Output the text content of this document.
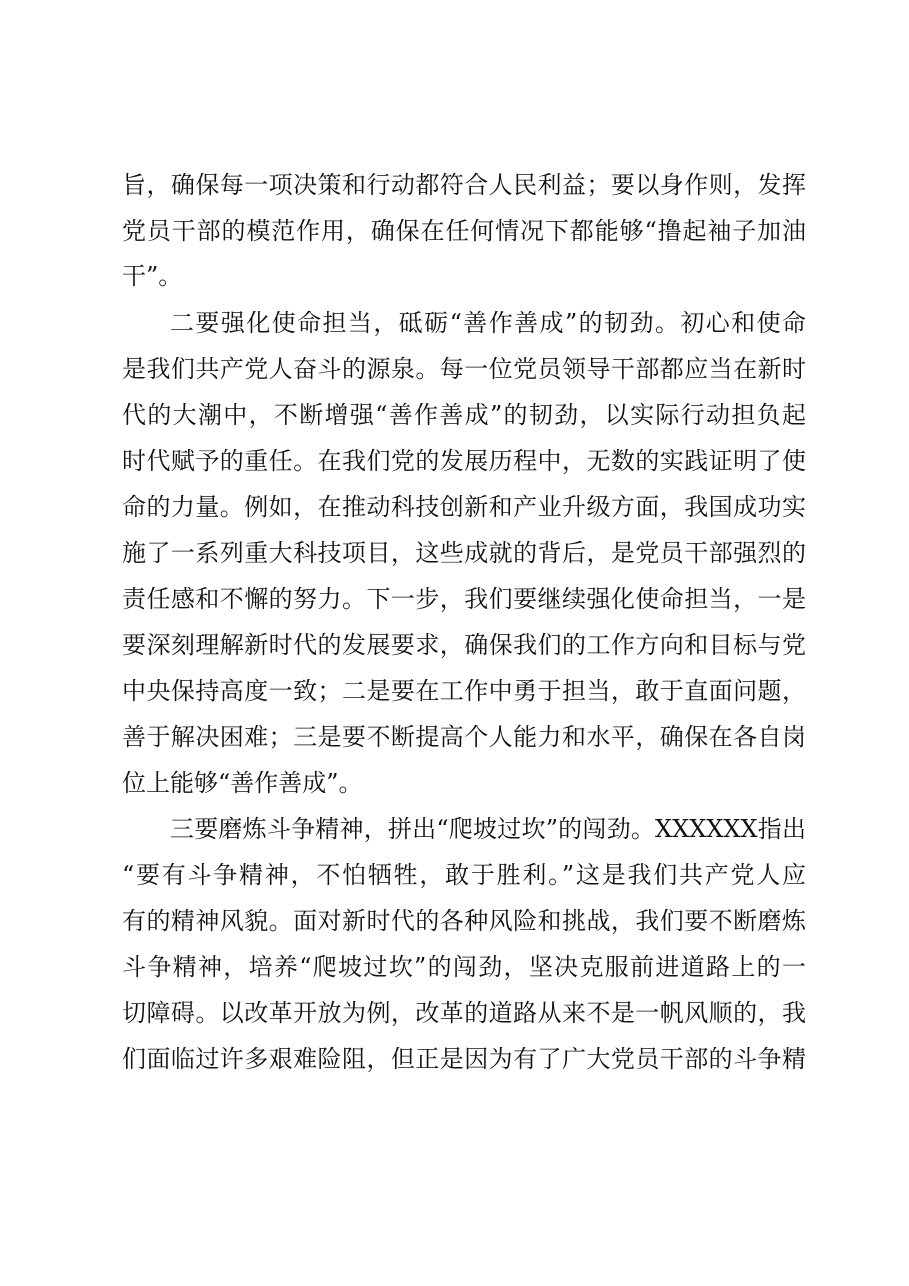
旨，确保每一项决策和行动都符合人民利益；要以身作则，发挥
党员干部的模范作用，确保在任何情况下都能够“撸起袖子加油
干”。
二要强化使命担当，砥砺“善作善成”的韧劲。初心和使命
是我们共产党人奋斗的源泉。每一位党员领导干部都应当在新时
代的大潮中，不断增强“善作善成”的韧劲，以实际行动担负起
时代赋予的重任。在我们党的发展历程中，无数的实践证明了使
命的力量。例如，在推动科技创新和产业升级方面，我国成功实
施了一系列重大科技项目，这些成就的背后，是党员干部强烈的
责任感和不懈的努力。下一步，我们要继续强化使命担当，一是
要深刻理解新时代的发展要求，确保我们的工作方向和目标与党
中央保持高度一致；二是要在工作中勇于担当，敢于直面问题，
善于解决困难；三是要不断提高个人能力和水平，确保在各自岗
位上能够“善作善成”。
三要磨炼斗争精神，拼出“爬坡过坎”的闯劲。XXXXXX指出
“要有斗争精神，不怕牺牲，敢于胜利。”这是我们共产党人应
有的精神风貌。面对新时代的各种风险和挑战，我们要不断磨炼
斗争精神，培养“爬坡过坎”的闯劲，坚决克服前进道路上的一
切障碍。以改革开放为例，改革的道路从来不是一帆风顺的，我
们面临过许多艰难险阻，但正是因为有了广大党员干部的斗争精
